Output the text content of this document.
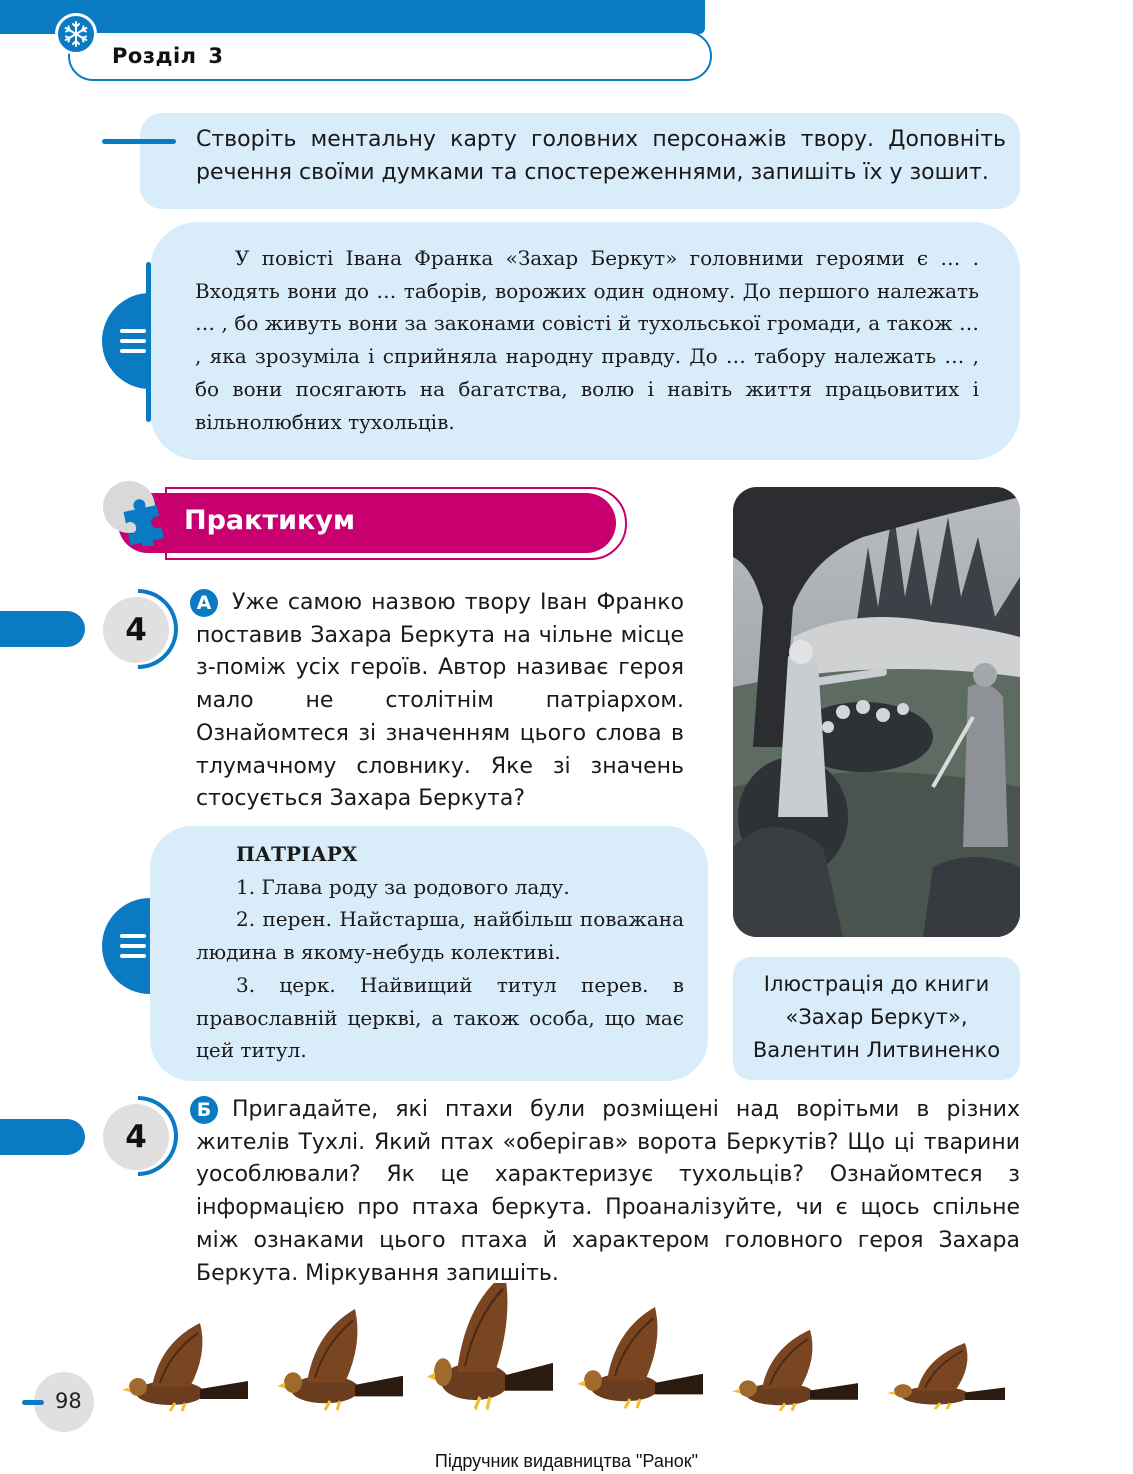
Розділ 3
Створіть ментальну карту головних персонажів твору. Доповніть речення своїми думками та спостереженнями, запишіть їх у зошит.
У повісті Івана Франка «Захар Беркут» головними героями є … . Входять вони до … таборів, ворожих один одному. До першого належать … , бо живуть вони за законами совісті й тухольської громади, а також … , яка зрозуміла і сприйняла народну правду. До … табору належать … , бо вони посягають на багатства, волю і навіть життя працьовитих і вільнолюбних тухольців.
Практикум
4
А Уже самою назвою твору Іван Франко поставив Захара Беркута на чільне місце з-поміж усіх героїв. Автор називає героя мало не столітнім патріархом. Ознайомтеся зі значенням цього слова в тлумачному словнику. Яке зі значень стосується Захара Беркута?
ПАТРІАРХ
1. Глава роду за родового ладу.
2. перен. Найстарша, найбільш поважана людина в якому-небудь колективі.
3. церк. Найвищий титул перев. в православній церкві, а також особа, що має цей титул.
Ілюстрація до книги
«Захар Беркут»,
Валентин Литвиненко
4
Б Пригадайте, які птахи були розміщені над ворітьми в різних жителів Тухлі. Який птах «оберігав» ворота Беркутів? Що ці тварини уособлювали? Як це характеризує тухольців? Ознайомтеся з інформацією про птаха беркута. Проаналізуйте, чи є щось спільне між ознаками цього птаха й характером головного героя Захара Беркута. Міркування запишіть.
98
Підручник видавництва "Ранок"
